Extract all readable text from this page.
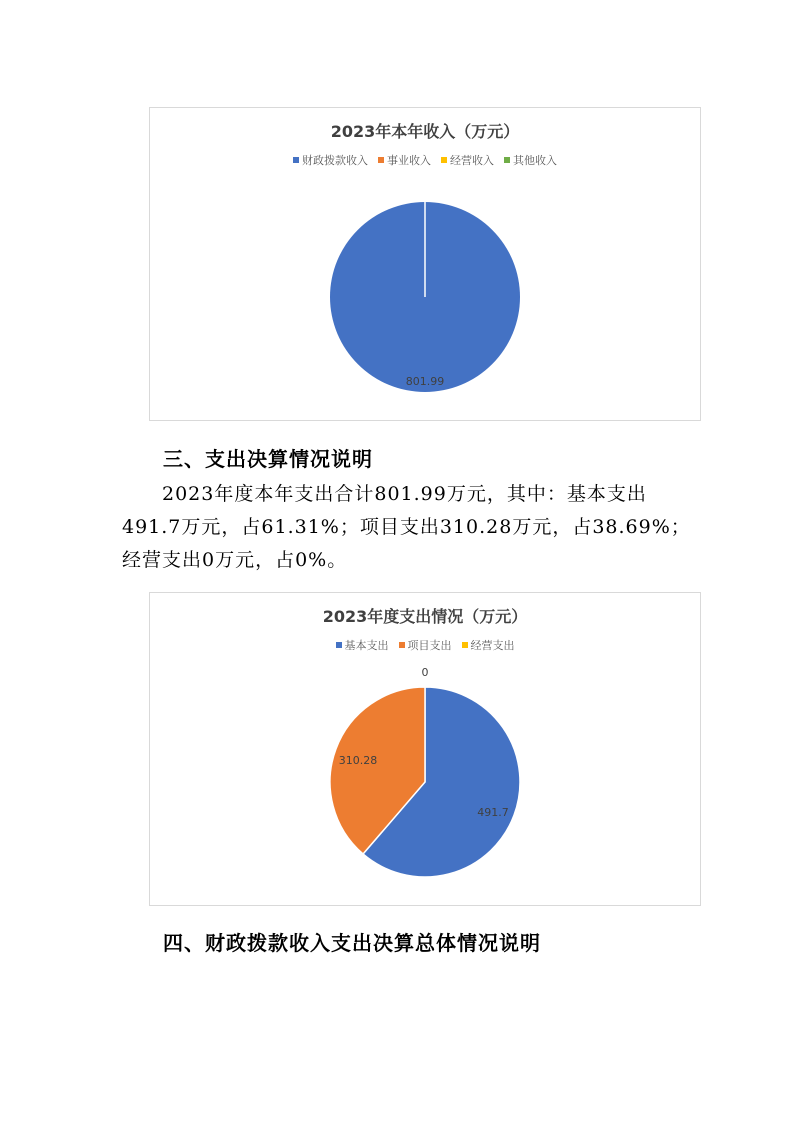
2023年本年收入（万元）
财政拨款收入 事业收入 经营收入 其他收入
801.99
三、支出决算情况说明
2023年度本年支出合计801.99万元，其中：基本支出
491.7万元，占61.31%；项目支出310.28万元，占38.69%；
经营支出0万元，占0%。
2023年度支出情况（万元）
基本支出 项目支出 经营支出
491.7
310.28
0
四、财政拨款收入支出决算总体情况说明
